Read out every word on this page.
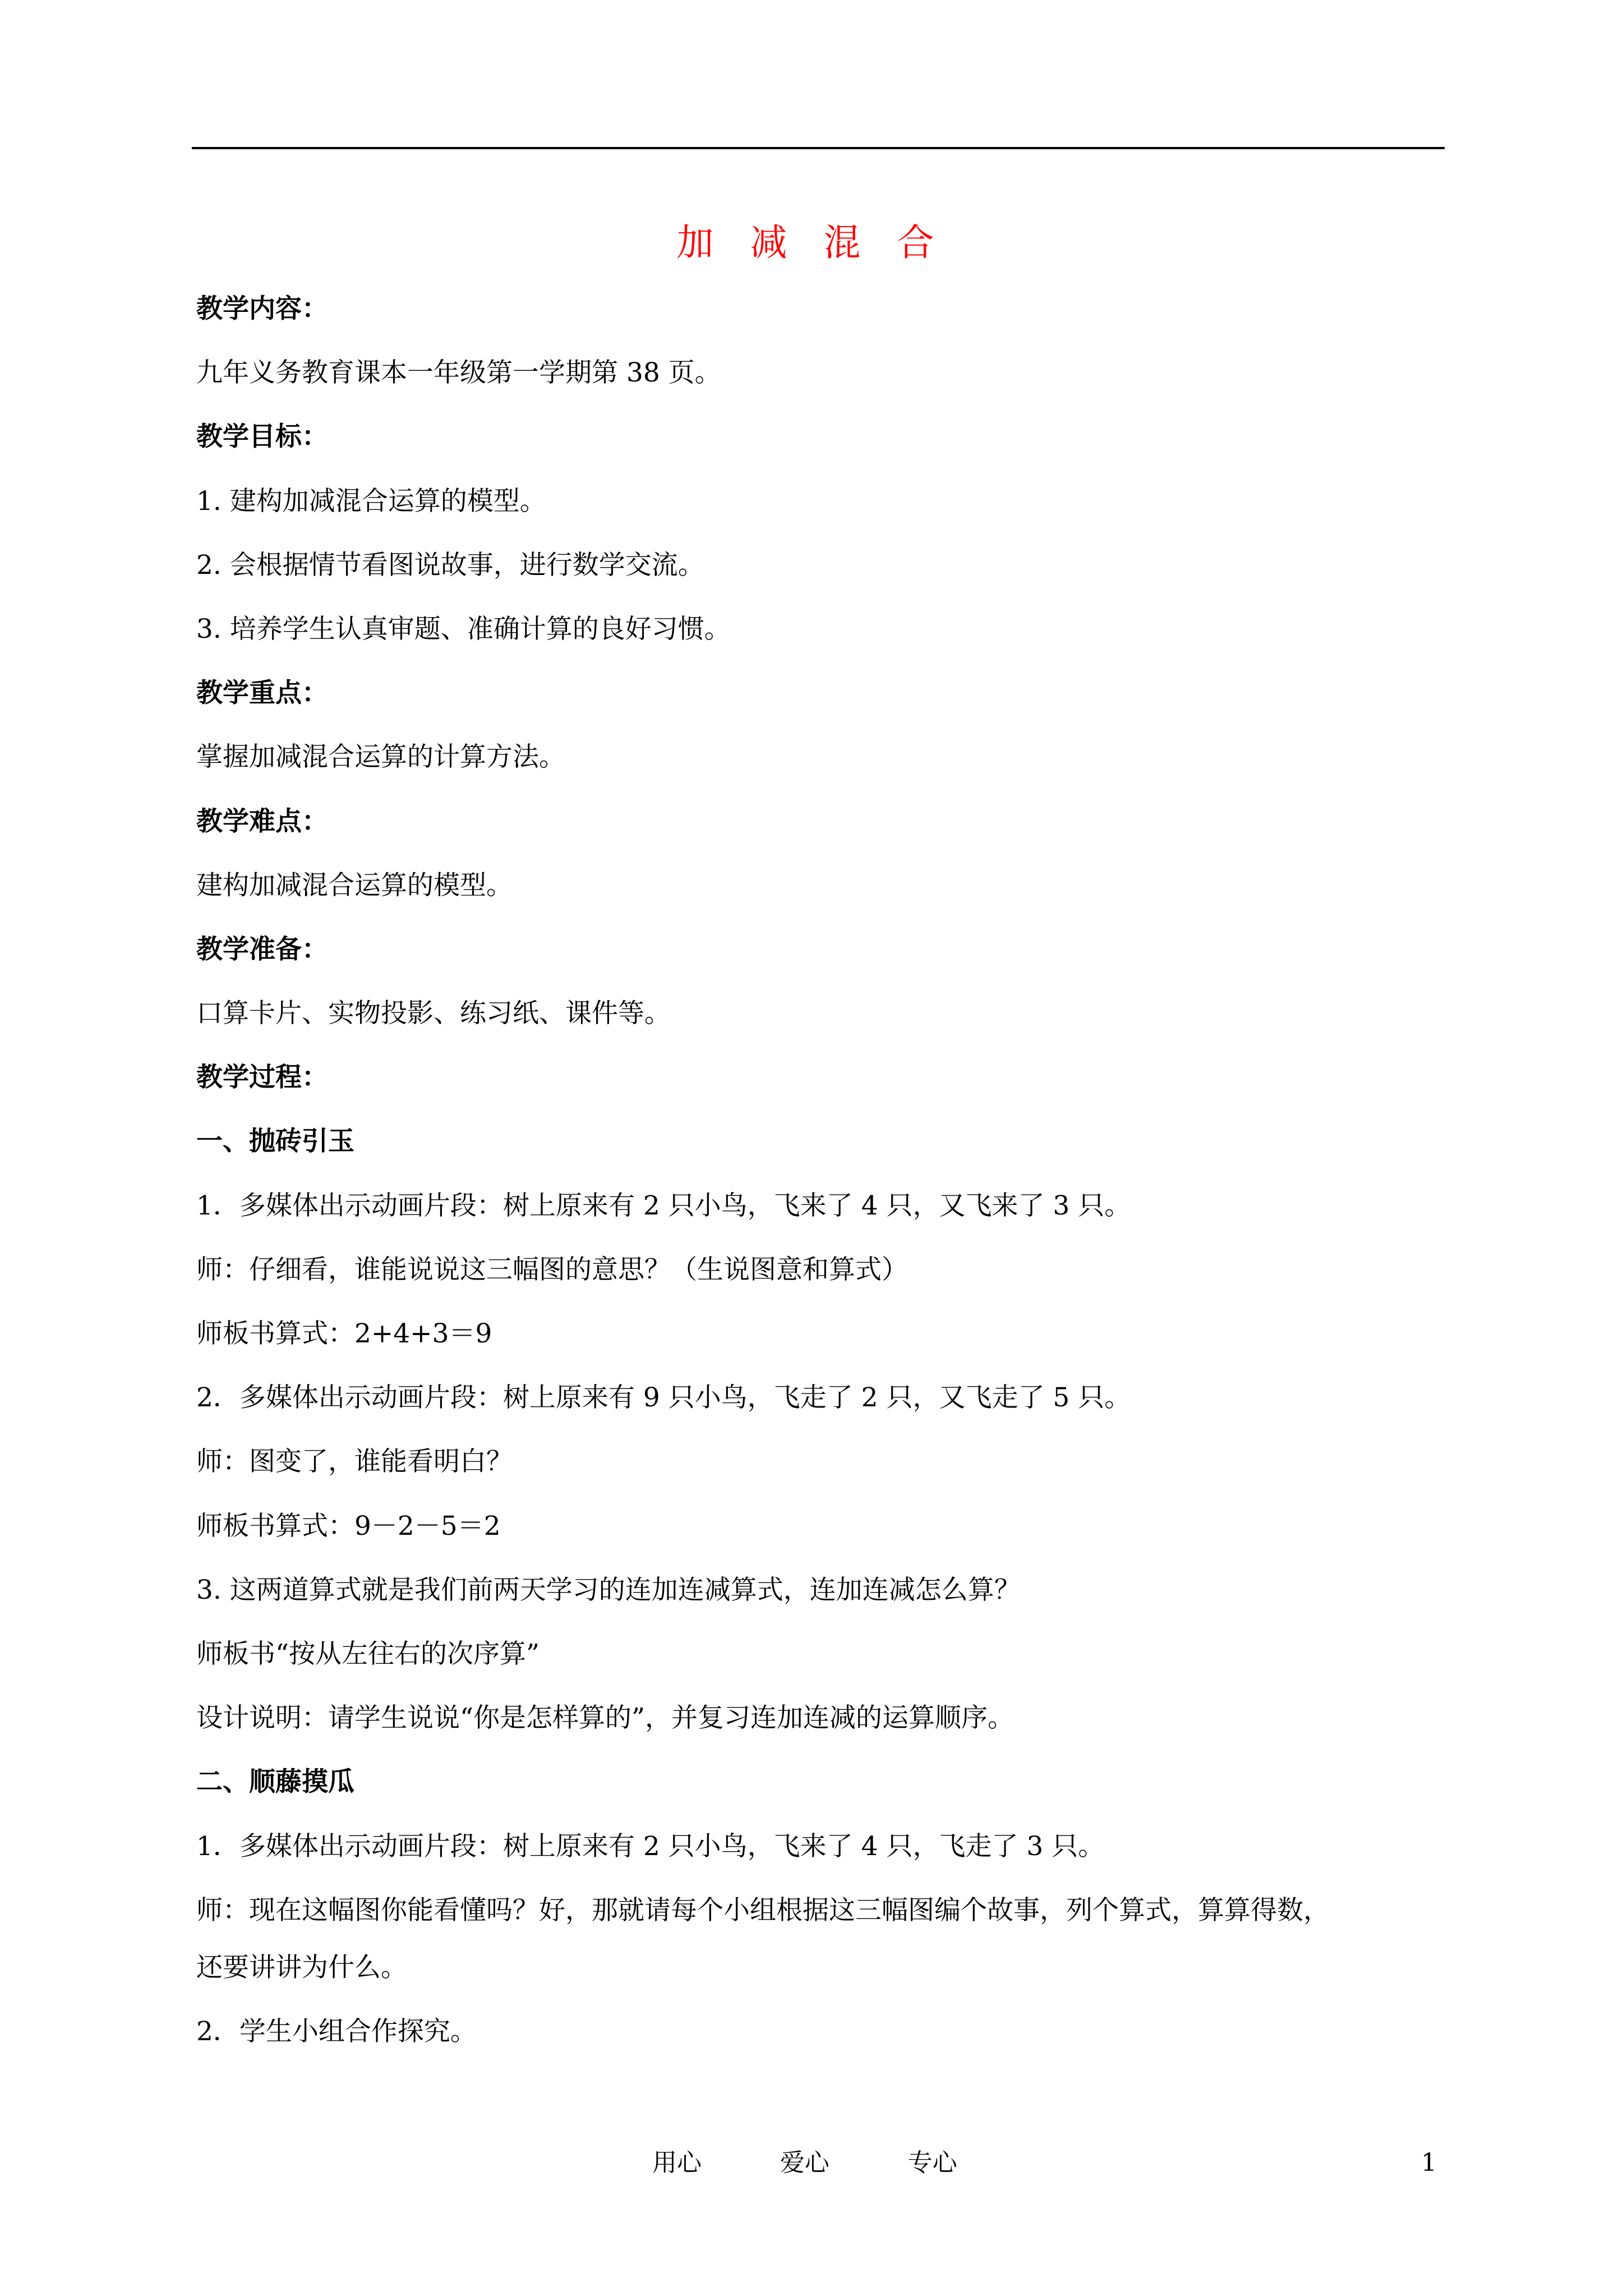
加 减 混 合
教学内容：
九年义务教育课本一年级第一学期第 38 页。
教学目标：
1. 建构加减混合运算的模型。
2. 会根据情节看图说故事，进行数学交流。
3. 培养学生认真审题、准确计算的良好习惯。
教学重点：
掌握加减混合运算的计算方法。
教学难点：
建构加减混合运算的模型。
教学准备：
口算卡片、实物投影、练习纸、课件等。
教学过程：
一、抛砖引玉
1．多媒体出示动画片段：树上原来有 2 只小鸟，飞来了 4 只，又飞来了 3 只。
师：仔细看，谁能说说这三幅图的意思？（生说图意和算式）
师板书算式：2+4+3＝9
2．多媒体出示动画片段：树上原来有 9 只小鸟，飞走了 2 只，又飞走了 5 只。
师：图变了，谁能看明白？
师板书算式：9－2－5＝2
3. 这两道算式就是我们前两天学习的连加连减算式，连加连减怎么算？
师板书“按从左往右的次序算”
设计说明：请学生说说“你是怎样算的”，并复习连加连减的运算顺序。
二、顺藤摸瓜
1．多媒体出示动画片段：树上原来有 2 只小鸟，飞来了 4 只，飞走了 3 只。
师：现在这幅图你能看懂吗？好，那就请每个小组根据这三幅图编个故事，列个算式，算算得数，
还要讲讲为什么。
2．学生小组合作探究。
用心	爱心	专心	1
